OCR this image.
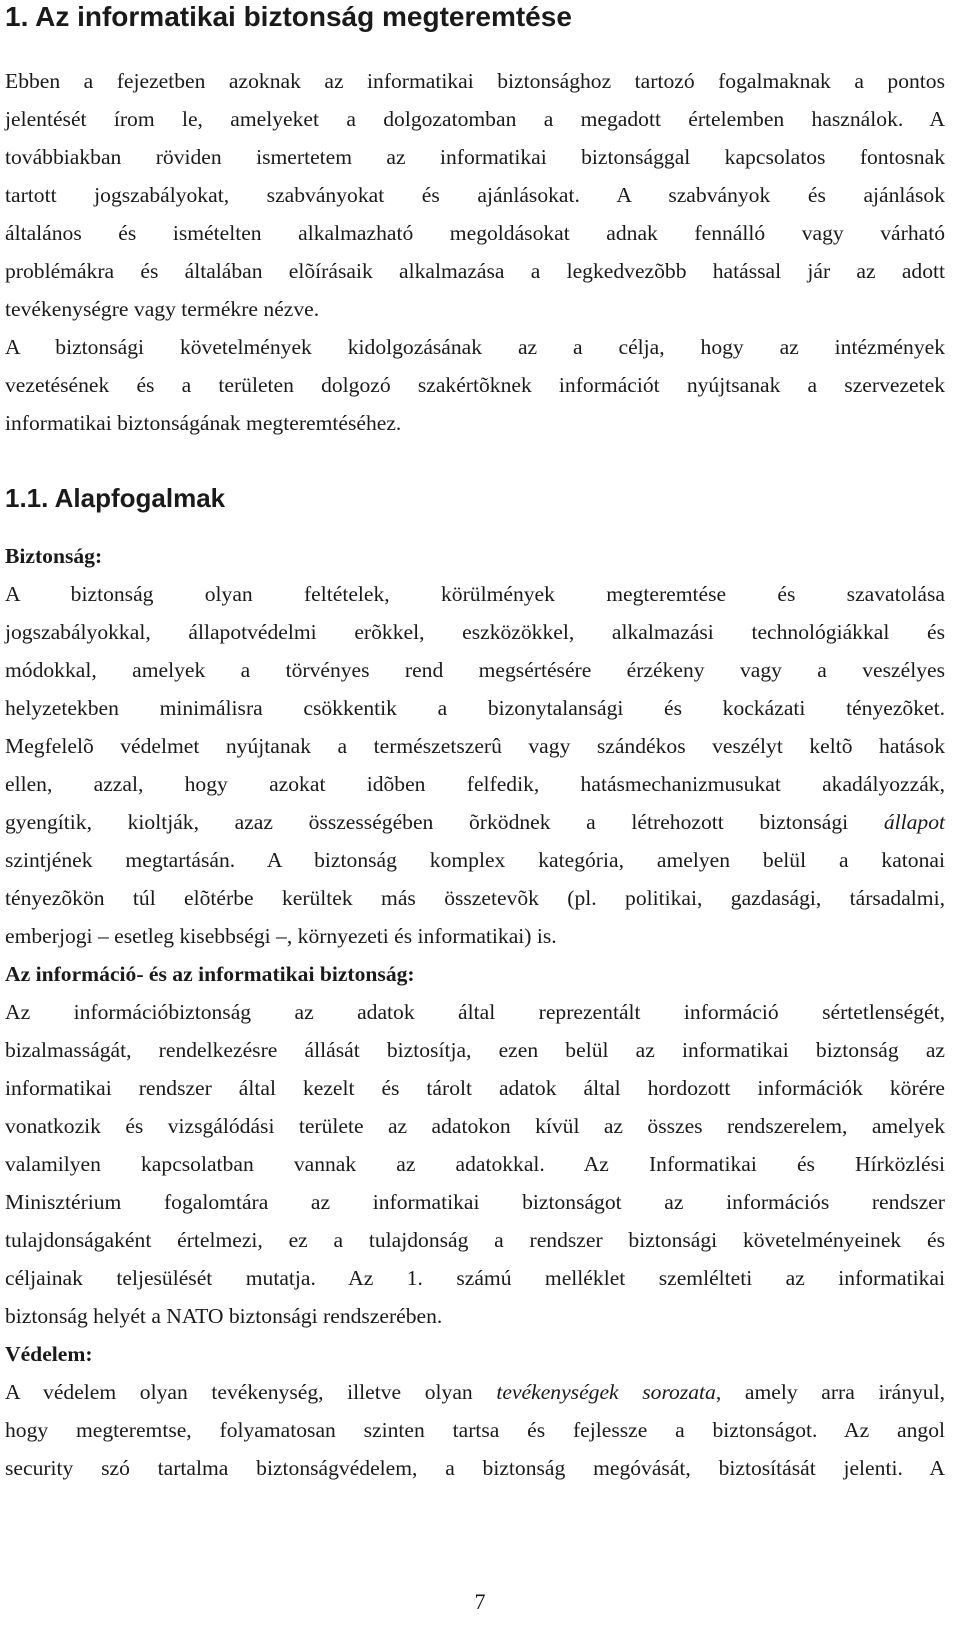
1. Az informatikai biztonság megteremtése
Ebben a fejezetben azoknak az informatikai biztonsághoz tartozó fogalmaknak a pontos
jelentését írom le, amelyeket a dolgozatomban a megadott értelemben használok. A
továbbiakban röviden ismertetem az informatikai biztonsággal kapcsolatos fontosnak
tartott jogszabályokat, szabványokat és ajánlásokat. A szabványok és ajánlások
általános és ismételten alkalmazható megoldásokat adnak fennálló vagy várható
problémákra és általában elõírásaik alkalmazása a legkedvezõbb hatással jár az adott
tevékenységre vagy termékre nézve.
A biztonsági követelmények kidolgozásának az a célja, hogy az intézmények
vezetésének és a területen dolgozó szakértõknek információt nyújtsanak a szervezetek
informatikai biztonságának megteremtéséhez.
1.1. Alapfogalmak
Biztonság:
A biztonság olyan feltételek, körülmények megteremtése és szavatolása
jogszabályokkal, állapotvédelmi erõkkel, eszközökkel, alkalmazási technológiákkal és
módokkal, amelyek a törvényes rend megsértésére érzékeny vagy a veszélyes
helyzetekben minimálisra csökkentik a bizonytalansági és kockázati tényezõket.
Megfelelõ védelmet nyújtanak a természetszerû vagy szándékos veszélyt keltõ hatások
ellen, azzal, hogy azokat idõben felfedik, hatásmechanizmusukat akadályozzák,
gyengítik, kioltják, azaz összességében õrködnek a létrehozott biztonsági állapot
szintjének megtartásán. A biztonság komplex kategória, amelyen belül a katonai
tényezõkön túl elõtérbe kerültek más összetevõk (pl. politikai, gazdasági, társadalmi,
emberjogi – esetleg kisebbségi –, környezeti és informatikai) is.
Az információ- és az informatikai biztonság:
Az információbiztonság az adatok által reprezentált információ sértetlenségét,
bizalmasságát, rendelkezésre állását biztosítja, ezen belül az informatikai biztonság az
informatikai rendszer által kezelt és tárolt adatok által hordozott információk körére
vonatkozik és vizsgálódási területe az adatokon kívül az összes rendszerelem, amelyek
valamilyen kapcsolatban vannak az adatokkal. Az Informatikai és Hírközlési
Minisztérium fogalomtára az informatikai biztonságot az információs rendszer
tulajdonságaként értelmezi, ez a tulajdonság a rendszer biztonsági követelményeinek és
céljainak teljesülését mutatja. Az 1. számú melléklet szemlélteti az informatikai
biztonság helyét a NATO biztonsági rendszerében.
Védelem:
A védelem olyan tevékenység, illetve olyan tevékenységek sorozata, amely arra irányul,
hogy megteremtse, folyamatosan szinten tartsa és fejlessze a biztonságot. Az angol
security szó tartalma biztonságvédelem, a biztonság megóvását, biztosítását jelenti. A
7
